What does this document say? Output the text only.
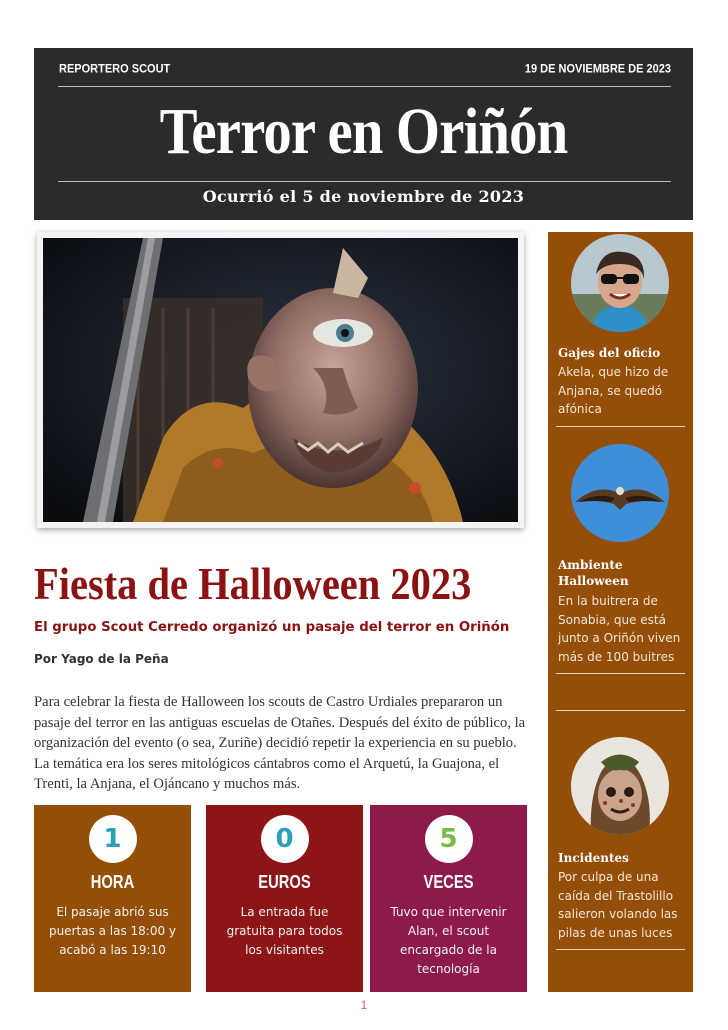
REPORTERO SCOUT	19 DE NOVIEMBRE DE 2023
Terror en Oriñón
Ocurrió el 5 de noviembre de 2023
Fiesta de Halloween 2023

El grupo Scout Cerredo organizó un pasaje del terror en Oriñón

Por Yago de la Peña

Para celebrar la fiesta de Halloween los scouts de Castro Urdiales prepararon un pasaje del terror en las antiguas escuelas de Otañes. Después del éxito de público, la organización del evento (o sea, Zuriñe) decidió repetir la experiencia en su pueblo. La temática era los seres mitológicos cántabros como el Arquetú, la Guajona, el Trenti, la Anjana, el Ojáncano y muchos más.

1
HORA
El pasaje abrió sus puertas a las 18:00 y acabó a las 19:10
0
EUROS
La entrada fue gratuita para todos los visitantes
5
VECES
Tuvo que intervenir Alan, el scout encargado de la tecnología
Gajes del oficio
Akela, que hizo de Anjana, se quedó afónica
Ambiente Halloween
En la buitrera de Sonabia, que está junto a Oriñón viven más de 100 buitres
Incidentes
Por culpa de una caída del Trastolillo salieron volando las pilas de unas luces
1
